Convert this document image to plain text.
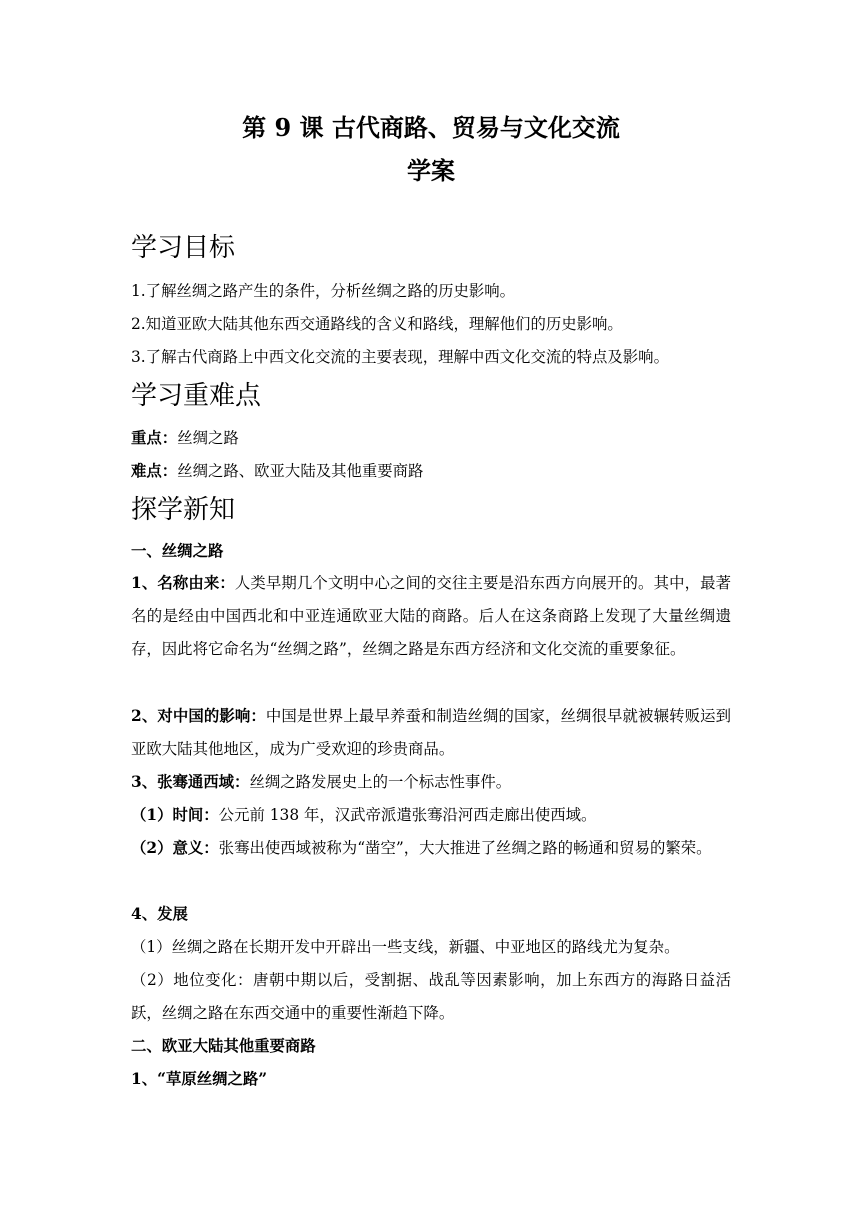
第 9 课 古代商路、贸易与文化交流
学案
学习目标
1.了解丝绸之路产生的条件，分析丝绸之路的历史影响。
2.知道亚欧大陆其他东西交通路线的含义和路线，理解他们的历史影响。
3.了解古代商路上中西文化交流的主要表现，理解中西文化交流的特点及影响。
学习重难点
重点：丝绸之路
难点：丝绸之路、欧亚大陆及其他重要商路
探学新知
一、丝绸之路
1、名称由来：人类早期几个文明中心之间的交往主要是沿东西方向展开的。其中，最著名的是经由中国西北和中亚连通欧亚大陆的商路。后人在这条商路上发现了大量丝绸遗存，因此将它命名为“丝绸之路”，丝绸之路是东西方经济和文化交流的重要象征。
2、对中国的影响：中国是世界上最早养蚕和制造丝绸的国家，丝绸很早就被辗转贩运到亚欧大陆其他地区，成为广受欢迎的珍贵商品。
3、张骞通西域：丝绸之路发展史上的一个标志性事件。
（1）时间：公元前 138 年，汉武帝派遣张骞沿河西走廊出使西域。
（2）意义：张骞出使西域被称为“凿空”，大大推进了丝绸之路的畅通和贸易的繁荣。
4、发展
（1）丝绸之路在长期开发中开辟出一些支线，新疆、中亚地区的路线尤为复杂。
（2）地位变化：唐朝中期以后，受割据、战乱等因素影响，加上东西方的海路日益活跃，丝绸之路在东西交通中的重要性渐趋下降。
二、欧亚大陆其他重要商路
1、“草原丝绸之路”
